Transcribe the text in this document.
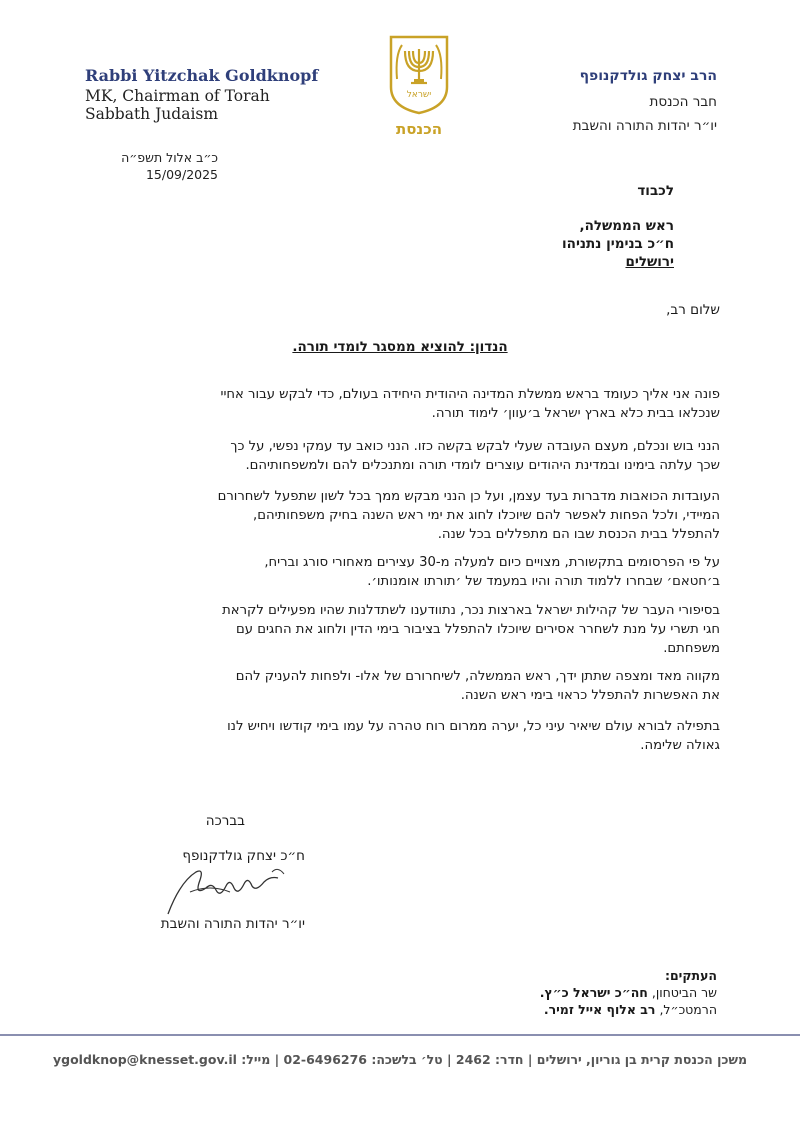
Rabbi Yitzchak Goldknopf
MK, Chairman of Torah
Sabbath Judaism
ישראל
הכנסת
הרב יצחק גולדקנופף
חבר הכנסת
יו״ר יהדות התורה והשבת
כ״ב אלול תשפ״ה
15/09/2025
לכבוד
ראש הממשלה,
ח״כ בנימין נתניהו
ירושלים
שלום רב,
הנדון: להוציא ממסגר לומדי תורה.
פונה אני אליך כעומד בראש ממשלת המדינה היהודית היחידה בעולם, כדי לבקש עבור אחיי
שנכלאו בבית כלא בארץ ישראל ב׳עוון׳ לימוד תורה.
הנני בוש ונכלם, מעצם העובדה שעלי לבקש בקשה כזו. הנני כואב עד עמקי נפשי, על כך
שכך עלתה בימינו ובמדינת היהודים עוצרים לומדי תורה ומתנכלים להם ולמשפחותיהם.
העובדות הכואבות מדברות בעד עצמן, ועל כן הנני מבקש ממך בכל לשון שתפעל לשחרורם
המיידי, ולכל הפחות לאפשר להם שיוכלו לחוג את ימי ראש השנה בחיק משפחותיהם,
להתפלל בבית הכנסת שבו הם מתפללים בכל שנה.
על פי הפרסומים בתקשורת, מצויים כיום למעלה מ-30 עצירים מאחורי סורג ובריח,
ב׳חטאם׳ שבחרו ללמוד תורה והיו במעמד של ׳תורתו אומנותו׳.
בסיפורי העבר של קהילות ישראל בארצות נכר, נתוודענו לשתדלנות שהיו מפעילים לקראת
חגי תשרי על מנת לשחרר אסירים שיוכלו להתפלל בציבור בימי הדין ולחוג את החגים עם
משפחתם.
מקווה מאד ומצפה שתתן ידך, ראש הממשלה, לשיחרורם של אלו- ולפחות להעניק להם
את האפשרות להתפלל כראוי בימי ראש השנה.
בתפילה לבורא עולם שיאיר עיני כל, יערה ממרום רוח טהרה על עמו בימי קודשו ויחיש לנו
גאולה שלימה.
בברכה
ח״כ יצחק גולדקנופף
יו״ר יהדות התורה והשבת
העתקים:
שר הביטחון, חה״כ ישראל כ״ץ.
הרמטכ״ל, רב אלוף אייל זמיר.
משכן הכנסת קרית בן גוריון, ירושלים | חדר: 2462 | טל׳ בלשכה: 02-6496276 | מייל: ygoldknop@knesset.gov.il
